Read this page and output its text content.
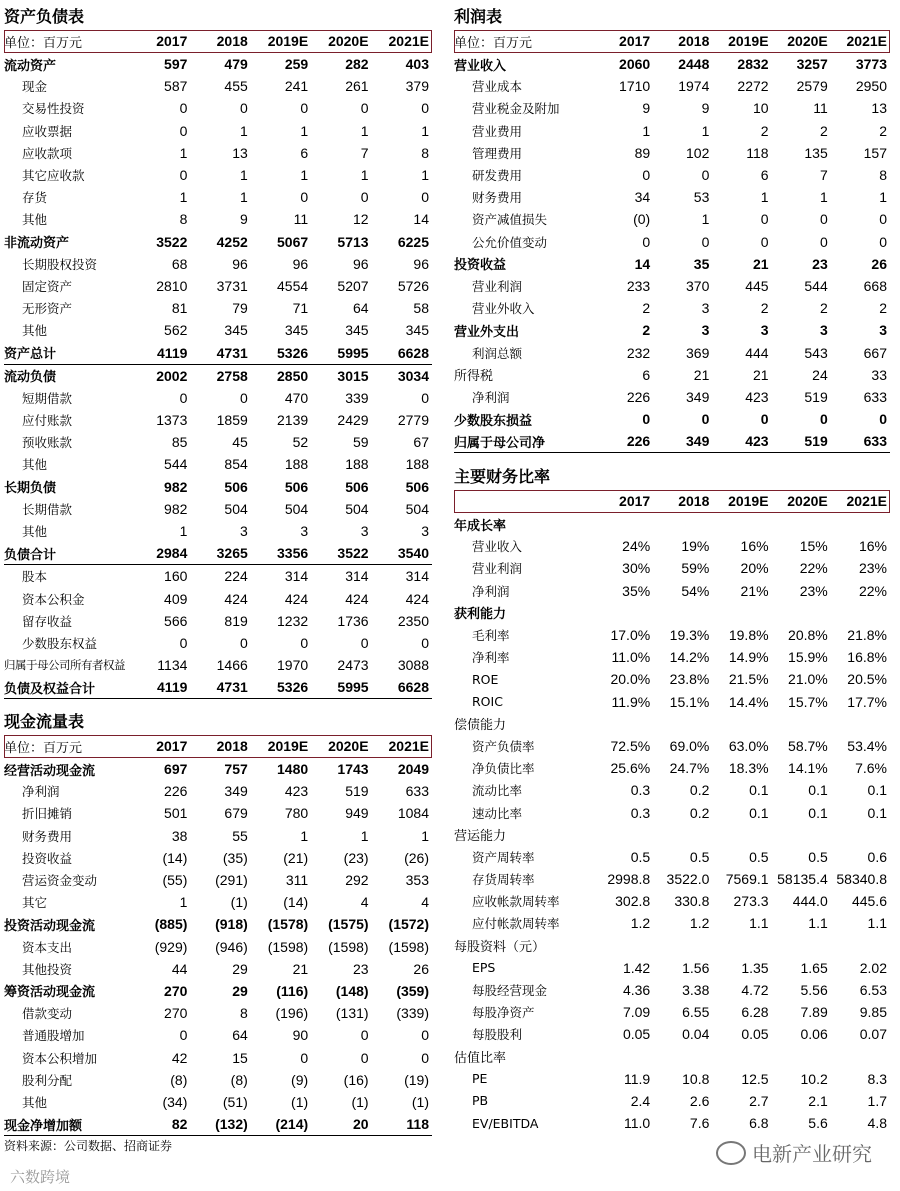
资产负债表
单位：百万元	2017	2018	2019E	2020E	2021E
流动资产	597	479	259	282	403
现金	587	455	241	261	379
交易性投资	0	0	0	0	0
应收票据	0	1	1	1	1
应收款项	1	13	6	7	8
其它应收款	0	1	1	1	1
存货	1	1	0	0	0
其他	8	9	11	12	14
非流动资产	3522	4252	5067	5713	6225
长期股权投资	68	96	96	96	96
固定资产	2810	3731	4554	5207	5726
无形资产	81	79	71	64	58
其他	562	345	345	345	345
资产总计	4119	4731	5326	5995	6628
流动负债	2002	2758	2850	3015	3034
短期借款	0	0	470	339	0
应付账款	1373	1859	2139	2429	2779
预收账款	85	45	52	59	67
其他	544	854	188	188	188
长期负债	982	506	506	506	506
长期借款	982	504	504	504	504
其他	1	3	3	3	3
负债合计	2984	3265	3356	3522	3540
股本	160	224	314	314	314
资本公积金	409	424	424	424	424
留存收益	566	819	1232	1736	2350
少数股东权益	0	0	0	0	0
归属于母公司所有者权益	1134	1466	1970	2473	3088
负债及权益合计	4119	4731	5326	5995	6628
现金流量表
单位：百万元	2017	2018	2019E	2020E	2021E
经营活动现金流	697	757	1480	1743	2049
净利润	226	349	423	519	633
折旧摊销	501	679	780	949	1084
财务费用	38	55	1	1	1
投资收益	(14)	(35)	(21)	(23)	(26)
营运资金变动	(55)	(291)	311	292	353
其它	1	(1)	(14)	4	4
投资活动现金流	(885)	(918)	(1578)	(1575)	(1572)
资本支出	(929)	(946)	(1598)	(1598)	(1598)
其他投资	44	29	21	23	26
筹资活动现金流	270	29	(116)	(148)	(359)
借款变动	270	8	(196)	(131)	(339)
普通股增加	0	64	90	0	0
资本公积增加	42	15	0	0	0
股利分配	(8)	(8)	(9)	(16)	(19)
其他	(34)	(51)	(1)	(1)	(1)
现金净增加额	82	(132)	(214)	20	118
利润表
单位：百万元	2017	2018	2019E	2020E	2021E
营业收入	2060	2448	2832	3257	3773
营业成本	1710	1974	2272	2579	2950
营业税金及附加	9	9	10	11	13
营业费用	1	1	2	2	2
管理费用	89	102	118	135	157
研发费用	0	0	6	7	8
财务费用	34	53	1	1	1
资产减值损失	(0)	1	0	0	0
公允价值变动	0	0	0	0	0
投资收益	14	35	21	23	26
营业利润	233	370	445	544	668
营业外收入	2	3	2	2	2
营业外支出	2	3	3	3	3
利润总额	232	369	444	543	667
所得税	6	21	21	24	33
净利润	226	349	423	519	633
少数股东损益	0	0	0	0	0
归属于母公司净	226	349	423	519	633
主要财务比率
	2017	2018	2019E	2020E	2021E
年成长率					
营业收入	24%	19%	16%	15%	16%
营业利润	30%	59%	20%	22%	23%
净利润	35%	54%	21%	23%	22%
获利能力					
毛利率	17.0%	19.3%	19.8%	20.8%	21.8%
净利率	11.0%	14.2%	14.9%	15.9%	16.8%
ROE	20.0%	23.8%	21.5%	21.0%	20.5%
ROIC	11.9%	15.1%	14.4%	15.7%	17.7%
偿债能力					
资产负债率	72.5%	69.0%	63.0%	58.7%	53.4%
净负债比率	25.6%	24.7%	18.3%	14.1%	7.6%
流动比率	0.3	0.2	0.1	0.1	0.1
速动比率	0.3	0.2	0.1	0.1	0.1
营运能力					
资产周转率	0.5	0.5	0.5	0.5	0.6
存货周转率	2998.8	3522.0	7569.1	58135.4	58340.8
应收帐款周转率	302.8	330.8	273.3	444.0	445.6
应付帐款周转率	1.2	1.2	1.1	1.1	1.1
每股资料（元）					
EPS	1.42	1.56	1.35	1.65	2.02
每股经营现金	4.36	3.38	4.72	5.56	6.53
每股净资产	7.09	6.55	6.28	7.89	9.85
每股股利	0.05	0.04	0.05	0.06	0.07
估值比率					
PE	11.9	10.8	12.5	10.2	8.3
PB	2.4	2.6	2.7	2.1	1.7
EV/EBITDA	11.0	7.6	6.8	5.6	4.8
资料来源：公司数据、招商证券
六数跨境
电新产业研究
